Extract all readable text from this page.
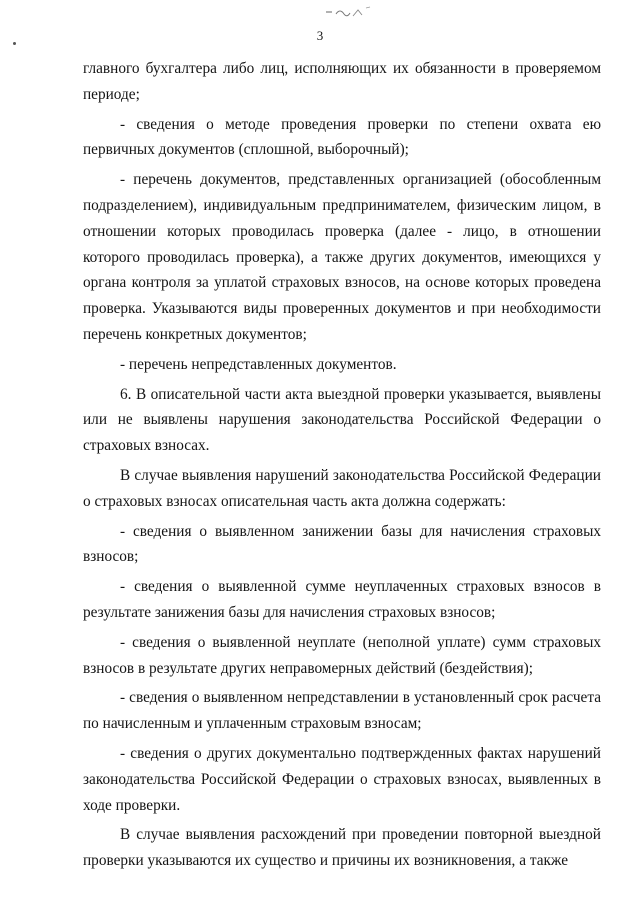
3

главного бухгалтера либо лиц, исполняющих их обязанности в проверяемом периоде;

- сведения о методе проведения проверки по степени охвата ею первичных документов (сплошной, выборочный);

- перечень документов, представленных организацией (обособленным подразделением), индивидуальным предпринимателем, физическим лицом, в отношении которых проводилась проверка (далее - лицо, в отношении которого проводилась проверка), а также других документов, имеющихся у органа контроля за уплатой страховых взносов, на основе которых проведена проверка. Указываются виды проверенных документов и при необходимости перечень конкретных документов;

- перечень непредставленных документов.

6. В описательной части акта выездной проверки указывается, выявлены или не выявлены нарушения законодательства Российской Федерации о страховых взносах.

В случае выявления нарушений законодательства Российской Федерации о страховых взносах описательная часть акта должна содержать:

- сведения о выявленном занижении базы для начисления страховых взносов;

- сведения о выявленной сумме неуплаченных страховых взносов в результате занижения базы для начисления страховых взносов;

- сведения о выявленной неуплате (неполной уплате) сумм страховых взносов в результате других неправомерных действий (бездействия);

- сведения о выявленном непредставлении в установленный срок расчета по начисленным и уплаченным страховым взносам;

- сведения о других документально подтвержденных фактах нарушений законодательства Российской Федерации о страховых взносах, выявленных в ходе проверки.

В случае выявления расхождений при проведении повторной выездной проверки указываются их существо и причины их возникновения, а также
